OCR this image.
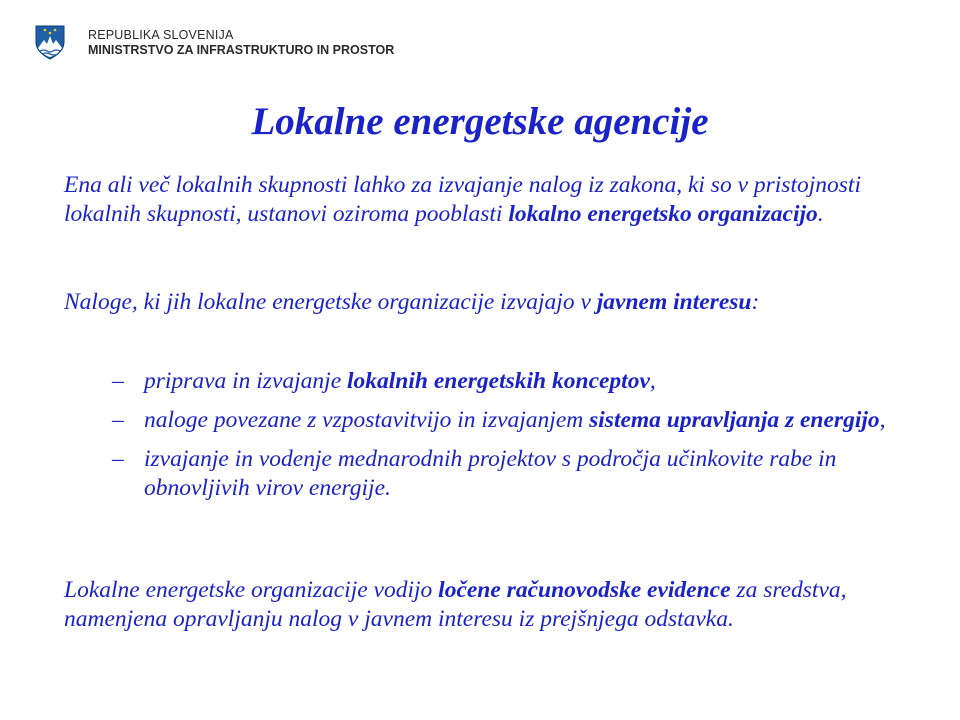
REPUBLIKA SLOVENIJA
MINISTRSTVO ZA INFRASTRUKTURO IN PROSTOR
Lokalne energetske agencije

Ena ali več lokalnih skupnosti lahko za izvajanje nalog iz zakona, ki so v pristojnosti lokalnih skupnosti, ustanovi oziroma pooblasti lokalno energetsko organizacijo.

Naloge, ki jih lokalne energetske organizacije izvajajo v javnem interesu:

– priprava in izvajanje lokalnih energetskih konceptov,
– naloge povezane z vzpostavitvijo in izvajanjem sistema upravljanja z energijo,
– izvajanje in vodenje mednarodnih projektov s področja učinkovite rabe in obnovljivih virov energije.

Lokalne energetske organizacije vodijo ločene računovodske evidence za sredstva, namenjena opravljanju nalog v javnem interesu iz prejšnjega odstavka.
